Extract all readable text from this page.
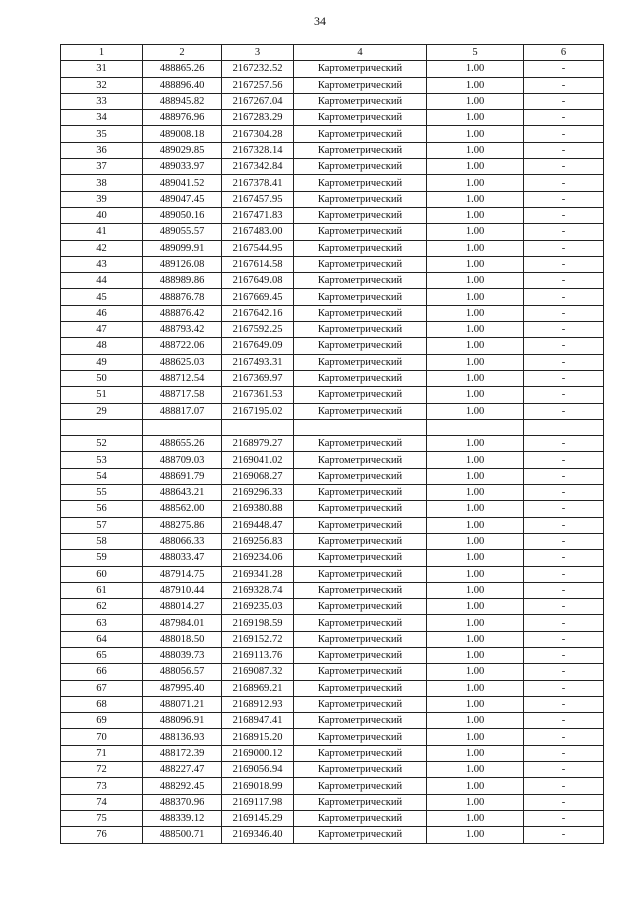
34
1	2	3	4	5	6
31	488865.26	2167232.52	Картометрический	1.00	-
32	488896.40	2167257.56	Картометрический	1.00	-
33	488945.82	2167267.04	Картометрический	1.00	-
34	488976.96	2167283.29	Картометрический	1.00	-
35	489008.18	2167304.28	Картометрический	1.00	-
36	489029.85	2167328.14	Картометрический	1.00	-
37	489033.97	2167342.84	Картометрический	1.00	-
38	489041.52	2167378.41	Картометрический	1.00	-
39	489047.45	2167457.95	Картометрический	1.00	-
40	489050.16	2167471.83	Картометрический	1.00	-
41	489055.57	2167483.00	Картометрический	1.00	-
42	489099.91	2167544.95	Картометрический	1.00	-
43	489126.08	2167614.58	Картометрический	1.00	-
44	488989.86	2167649.08	Картометрический	1.00	-
45	488876.78	2167669.45	Картометрический	1.00	-
46	488876.42	2167642.16	Картометрический	1.00	-
47	488793.42	2167592.25	Картометрический	1.00	-
48	488722.06	2167649.09	Картометрический	1.00	-
49	488625.03	2167493.31	Картометрический	1.00	-
50	488712.54	2167369.97	Картометрический	1.00	-
51	488717.58	2167361.53	Картометрический	1.00	-
29	488817.07	2167195.02	Картометрический	1.00	-

52	488655.26	2168979.27	Картометрический	1.00	-
53	488709.03	2169041.02	Картометрический	1.00	-
54	488691.79	2169068.27	Картометрический	1.00	-
55	488643.21	2169296.33	Картометрический	1.00	-
56	488562.00	2169380.88	Картометрический	1.00	-
57	488275.86	2169448.47	Картометрический	1.00	-
58	488066.33	2169256.83	Картометрический	1.00	-
59	488033.47	2169234.06	Картометрический	1.00	-
60	487914.75	2169341.28	Картометрический	1.00	-
61	487910.44	2169328.74	Картометрический	1.00	-
62	488014.27	2169235.03	Картометрический	1.00	-
63	487984.01	2169198.59	Картометрический	1.00	-
64	488018.50	2169152.72	Картометрический	1.00	-
65	488039.73	2169113.76	Картометрический	1.00	-
66	488056.57	2169087.32	Картометрический	1.00	-
67	487995.40	2168969.21	Картометрический	1.00	-
68	488071.21	2168912.93	Картометрический	1.00	-
69	488096.91	2168947.41	Картометрический	1.00	-
70	488136.93	2168915.20	Картометрический	1.00	-
71	488172.39	2169000.12	Картометрический	1.00	-
72	488227.47	2169056.94	Картометрический	1.00	-
73	488292.45	2169018.99	Картометрический	1.00	-
74	488370.96	2169117.98	Картометрический	1.00	-
75	488339.12	2169145.29	Картометрический	1.00	-
76	488500.71	2169346.40	Картометрический	1.00	-
